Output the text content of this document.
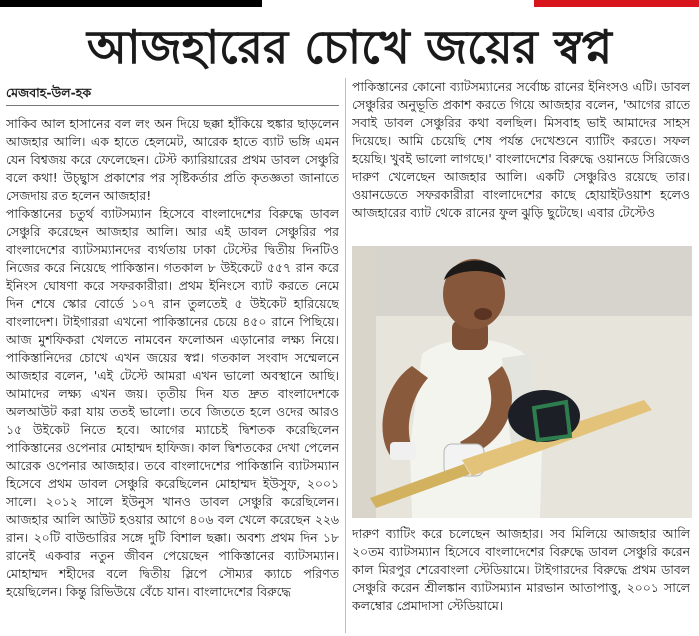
আজহারের চোখে জয়ের স্বপ্ন
মেজবাহ-উল-হক

সাকিব আল হাসানের বল লং অন দিয়ে ছক্কা হাঁকিয়ে হুঙ্কার ছাড়লেন আজহার আলি। এক হাতে হেলমেট, আরেক হাতে ব্যাট ভঙ্গি এমন যেন বিশ্বজয় করে ফেলেছেন। টেস্ট ক্যারিয়ারের প্রথম ডাবল সেঞ্চুরি বলে কথা! উচ্ছ্বাস প্রকাশের পর সৃষ্টিকর্তার প্রতি কৃতজ্ঞতা জানাতে সেজদায় রত হলেন আজহার!

পাকিস্তানের চতুর্থ ব্যাটসম্যান হিসেবে বাংলাদেশের বিরুদ্ধে ডাবল সেঞ্চুরি করেছেন আজহার আলি। আর এই ডাবল সেঞ্চুরির পর বাংলাদেশের ব্যাটসম্যানদের ব্যর্থতায় ঢাকা টেস্টের দ্বিতীয় দিনটিও নিজের করে নিয়েছে পাকিস্তান। গতকাল ৮ উইকেটে ৫৫৭ রান করে ইনিংস ঘোষণা করে সফরকারীরা। প্রথম ইনিংসে ব্যাট করতে নেমে দিন শেষে স্কোর বোর্ডে ১০৭ রান তুলতেই ৫ উইকেট হারিয়েছে বাংলাদেশ। টাইগাররা এখনো পাকিস্তানের চেয়ে ৪৫০ রানে পিছিয়ে। আজ মুশফিকরা খেলতে নামবেন ফলোঅন এড়ানোর লক্ষ্য নিয়ে। পাকিস্তানিদের চোখে এখন জয়ের স্বপ্ন। গতকাল সংবাদ সম্মেলনে আজহার বলেন, 'এই টেস্টে আমরা এখন ভালো অবস্থানে আছি। আমাদের লক্ষ্য এখন জয়। তৃতীয় দিন যত দ্রুত বাংলাদেশকে অলআউট করা যায় ততই ভালো। তবে জিততে হলে ওদের আরও ১৫ উইকেট নিতে হবে। আগের ম্যাচেই দ্বিশতক করেছিলেন পাকিস্তানের ওপেনার মোহাম্মদ হাফিজ। কাল দ্বিশতকের দেখা পেলেন আরেক ওপেনার আজহার। তবে বাংলাদেশের পাকিস্তানি ব্যাটসম্যান হিসেবে প্রথম ডাবল সেঞ্চুরি করেছিলেন মোহাম্মদ ইউসুফ, ২০০১ সালে। ২০১২ সালে ইউনুস খানও ডাবল সেঞ্চুরি করেছিলেন। আজহার আলি আউট হওয়ার আগে ৪০৬ বল খেলে করেছেন ২২৬ রান। ২০টি বাউন্ডারির সঙ্গে দুটি বিশাল ছক্কা। অবশ্য প্রথম দিন ১৮ রানেই একবার নতুন জীবন পেয়েছেন পাকিস্তানের ব্যাটসম্যান। মোহাম্মদ শহীদের বলে দ্বিতীয় স্লিপে সৌম্যর ক্যাচে পরিণত হয়েছিলেন। কিন্তু রিভিউয়ে বেঁচে যান। বাংলাদেশের বিরুদ্ধে

পাকিস্তানের কোনো ব্যাটসম্যানের সর্বোচ্চ রানের ইনিংসও এটি। ডাবল সেঞ্চুরির অনুভূতি প্রকাশ করতে গিয়ে আজহার বলেন, 'আগের রাতে সবাই ডাবল সেঞ্চুরির কথা বলছিল। মিসবাহ ভাই আমাদের সাহস দিয়েছে। আমি চেয়েছি শেষ পর্যন্ত দেখেশুনে ব্যাটিং করতে। সফল হয়েছি। খুবই ভালো লাগছে।' বাংলাদেশের বিরুদ্ধে ওয়ানডে সিরিজেও দারুণ খেলেছেন আজহার আলি। একটি সেঞ্চুরিও রয়েছে তার। ওয়ানডেতে সফরকারীরা বাংলাদেশের কাছে হোয়াইটওয়াশ হলেও আজহারের ব্যাট থেকে রানের ফুল ঝুড়ি ছুটেছে। এবার টেস্টেও

দারুণ ব্যাটিং করে চলেছেন আজহার। সব মিলিয়ে আজহার আলি ২০তম ব্যাটসম্যান হিসেবে বাংলাদেশের বিরুদ্ধে ডাবল সেঞ্চুরি করেন কাল মিরপুর শেরেবাংলা স্টেডিয়ামে। টাইগারদের বিরুদ্ধে প্রথম ডাবল সেঞ্চুরি করেন শ্রীলঙ্কান ব্যাটসম্যান মারভান আতাপাত্তু, ২০০১ সালে কলম্বোর প্রেমাদাসা স্টেডিয়ামে।
